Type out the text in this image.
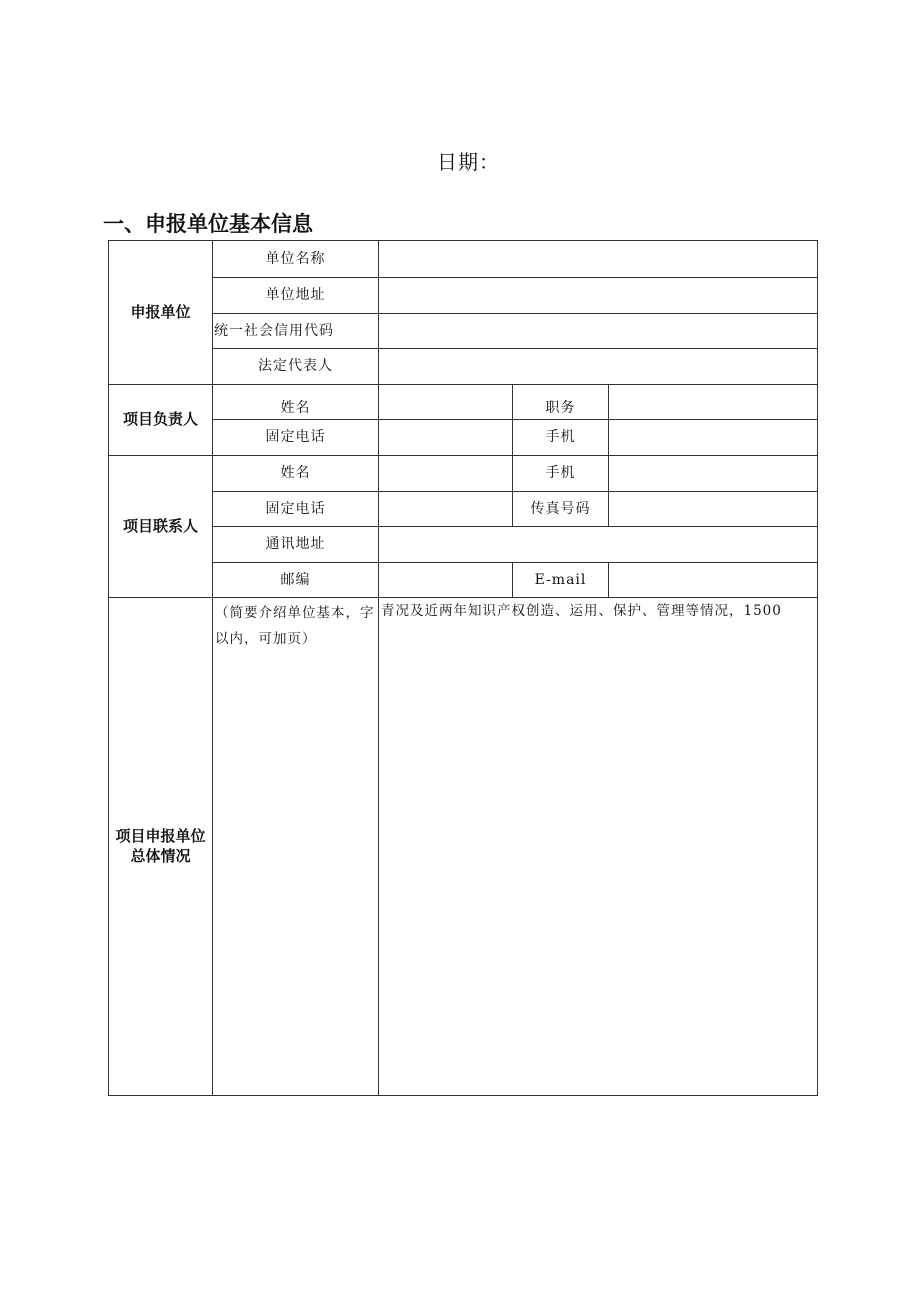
日期：
一、申报单位基本信息
申报单位	单位名称			
	单位地址			
	统一社会信用代码			
	法定代表人			
项目负责人	姓名		职务	
	固定电话		手机	
项目联系人	姓名		手机	
	固定电话		传真号码	
	通讯地址			
	邮编		E-mail	
项目申报单位总体情况	（简要介绍单位基本，字以内，可加页）	青况及近两年知识产权创造、运用、保护、管理等情况，1500		
